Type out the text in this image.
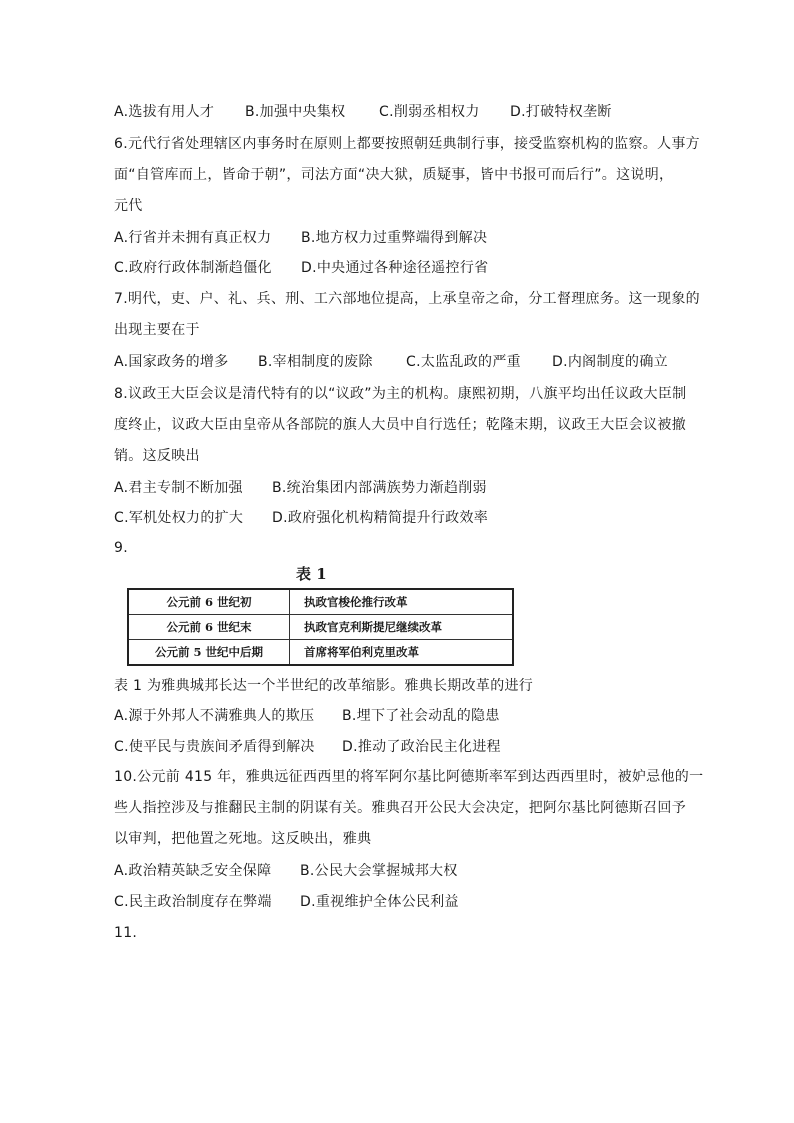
A.选拔有用人才 B.加强中央集权 C.削弱丞相权力 D.打破特权垄断
6.元代行省处理辖区内事务时在原则上都要按照朝廷典制行事，接受监察机构的监察。人事方
面“自管库而上，皆命于朝”，司法方面“决大狱，质疑事，皆中书报可而后行”。这说明，
元代
A.行省并未拥有真正权力 B.地方权力过重弊端得到解决
C.政府行政体制渐趋僵化 D.中央通过各种途径遥控行省
7.明代，吏、户、礼、兵、刑、工六部地位提高，上承皇帝之命，分工督理庶务。这一现象的
出现主要在于
A.国家政务的增多 B.宰相制度的废除 C.太监乱政的严重 D.内阁制度的确立
8.议政王大臣会议是清代特有的以“议政”为主的机构。康熙初期，八旗平均出任议政大臣制
度终止，议政大臣由皇帝从各部院的旗人大员中自行选任；乾隆末期，议政王大臣会议被撤
销。这反映出
A.君主专制不断加强 B.统治集团内部满族势力渐趋削弱
C.军机处权力的扩大 D.政府强化机构精简提升行政效率
9.
表 1
公元前 6 世纪初	执政官梭伦推行改革
公元前 6 世纪末	执政官克利斯提尼继续改革
公元前 5 世纪中后期	首席将军伯利克里改革
表 1 为雅典城邦长达一个半世纪的改革缩影。雅典长期改革的进行
A.源于外邦人不满雅典人的欺压 B.埋下了社会动乱的隐患
C.使平民与贵族间矛盾得到解决 D.推动了政治民主化进程
10.公元前 415 年，雅典远征西西里的将军阿尔基比阿德斯率军到达西西里时，被妒忌他的一
些人指控涉及与推翻民主制的阴谋有关。雅典召开公民大会决定，把阿尔基比阿德斯召回予
以审判，把他置之死地。这反映出，雅典
A.政治精英缺乏安全保障 B.公民大会掌握城邦大权
C.民主政治制度存在弊端 D.重视维护全体公民利益
11.
